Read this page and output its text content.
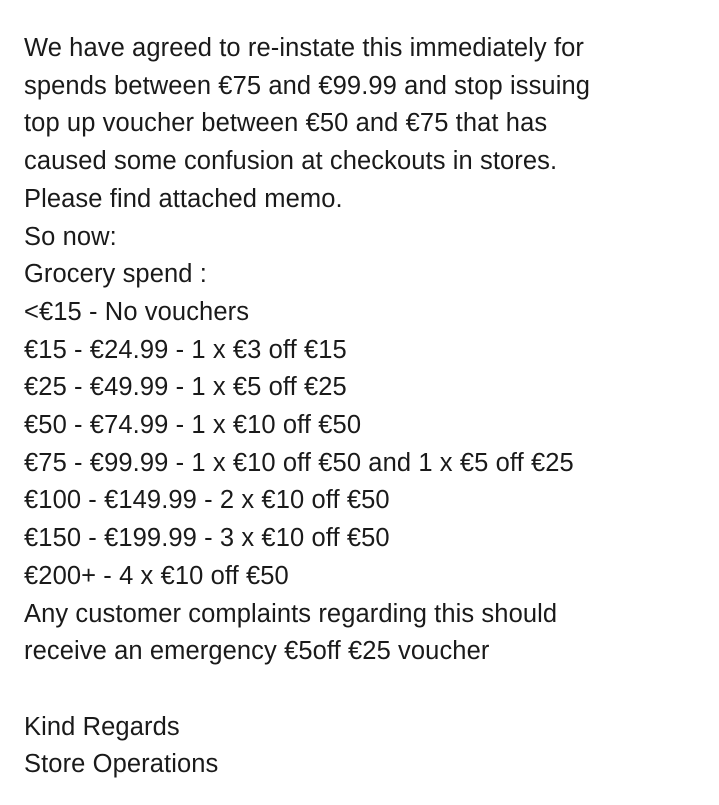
We have agreed to re-instate this immediately for
spends between €75 and €99.99 and stop issuing
top up voucher between €50 and €75 that has
caused some confusion at checkouts in stores.
Please find attached memo.
So now:
Grocery spend :
<€15 - No vouchers
€15 - €24.99 - 1 x €3 off €15
€25 - €49.99 - 1 x €5 off €25
€50 - €74.99 - 1 x €10 off €50
€75 - €99.99 - 1 x €10 off €50 and 1 x €5 off €25
€100 - €149.99 - 2 x €10 off €50
€150 - €199.99 - 3 x €10 off €50
€200+ - 4 x €10 off €50
Any customer complaints regarding this should
receive an emergency €5off €25 voucher
Kind Regards
Store Operations
